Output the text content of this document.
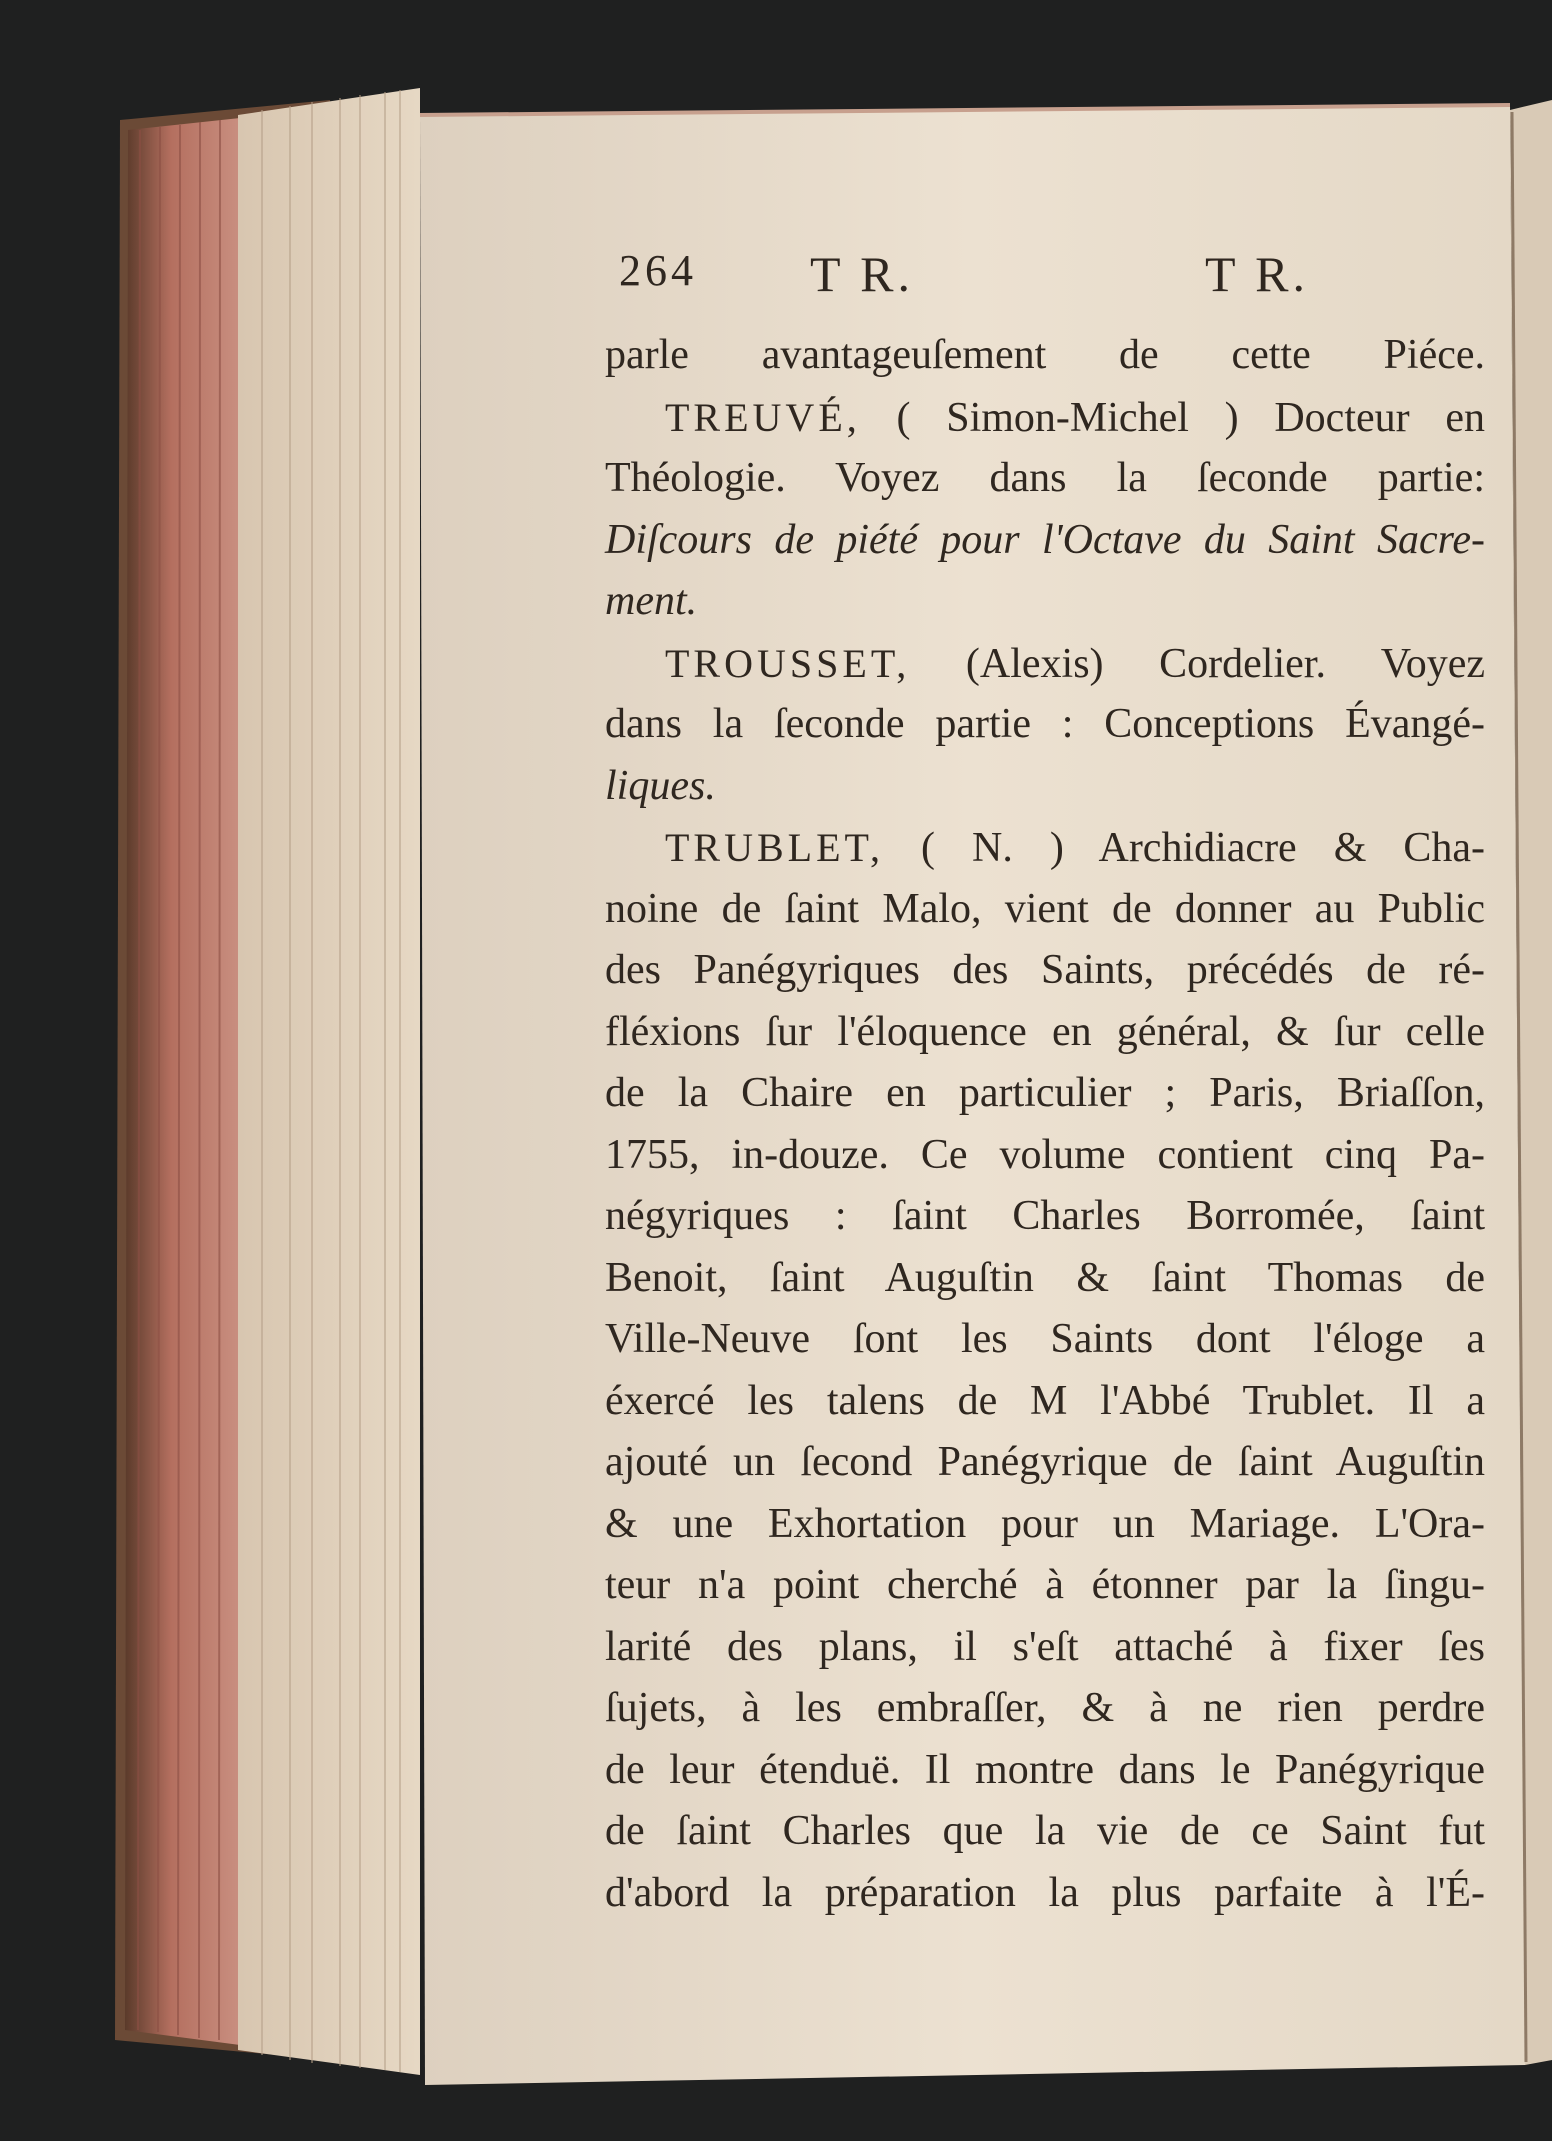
264 T R.	T R.
parle avantageuſement de cette Piéce.
TREUVÉ, ( Simon-Michel ) Docteur en
Théologie. Voyez dans la ſeconde partie:
Diſcours de piété pour l'Octave du Saint Sacre-
ment.
TROUSSET, (Alexis) Cordelier. Voyez
dans la ſeconde partie : Conceptions Évangé-
liques.
TRUBLET, ( N. ) Archidiacre & Cha-
noine de ſaint Malo, vient de donner au Public
des Panégyriques des Saints, précédés de ré-
fléxions ſur l'éloquence en général, & ſur celle
de la Chaire en particulier ; Paris, Briaſſon,
1755, in-douze. Ce volume contient cinq Pa-
négyriques : ſaint Charles Borromée, ſaint
Benoit, ſaint Auguſtin & ſaint Thomas de
Ville-Neuve ſont les Saints dont l'éloge a
éxercé les talens de M l'Abbé Trublet. Il a
ajouté un ſecond Panégyrique de ſaint Auguſtin
& une Exhortation pour un Mariage. L'Ora-
teur n'a point cherché à étonner par la ſingu-
larité des plans, il s'eſt attaché à fixer ſes
ſujets, à les embraſſer, & à ne rien perdre
de leur étenduë. Il montre dans le Panégyrique
de ſaint Charles que la vie de ce Saint fut
d'abord la préparation la plus parfaite à l'É-
